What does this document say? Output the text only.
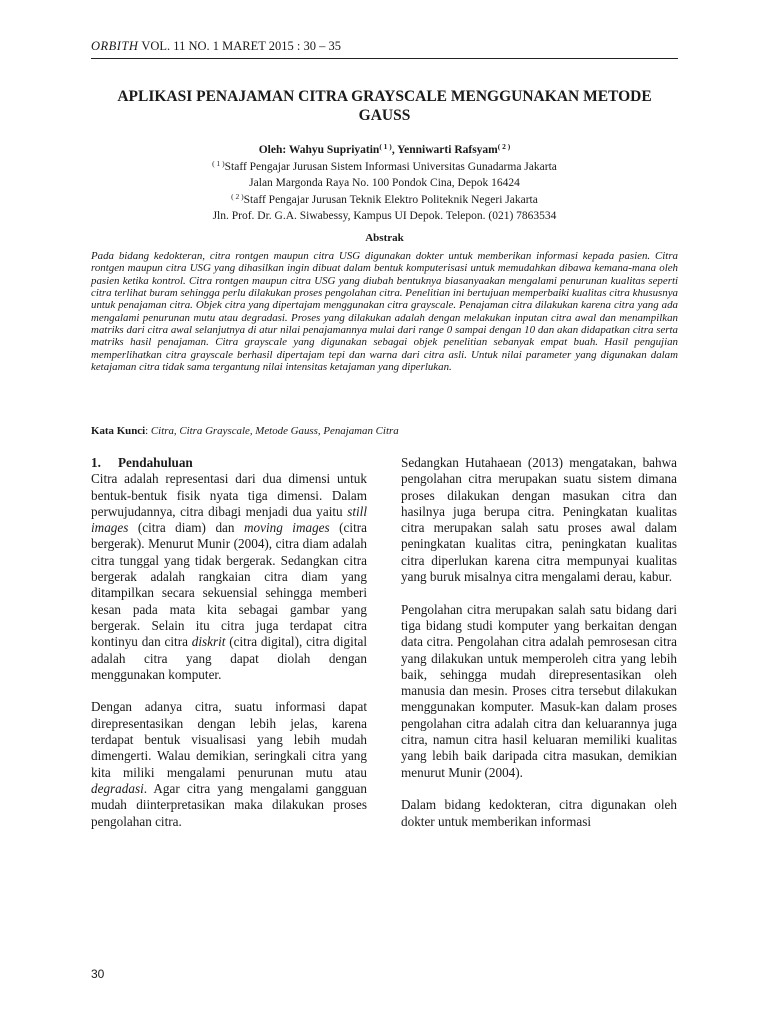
ORBITH VOL. 11 NO. 1 MARET 2015 : 30 – 35
APLIKASI PENAJAMAN CITRA GRAYSCALE MENGGUNAKAN METODE GAUSS
Oleh: Wahyu Supriyatin$^{( 1 )}$, Yenniwarti Rafsyam$^{( 2 )}$
$^{( 1 )}$Staff Pengajar Jurusan Sistem Informasi Universitas Gunadarma Jakarta
Jalan Margonda Raya No. 100 Pondok Cina, Depok 16424
$^{( 2 )}$Staff Pengajar Jurusan Teknik Elektro Politeknik Negeri Jakarta
Jln. Prof. Dr. G.A. Siwabessy, Kampus UI Depok. Telepon. (021) 7863534
Abstrak

Pada bidang kedokteran, citra rontgen maupun citra USG digunakan dokter untuk memberikan informasi kepada pasien. Citra rontgen maupun citra USG yang dihasilkan ingin dibuat dalam bentuk komputerisasi untuk memudahkan dibawa kemana-mana oleh pasien ketika kontrol. Citra rontgen maupun citra USG yang diubah bentuknya biasanyaakan mengalami penurunan kualitas seperti citra terlihat buram sehingga perlu dilakukan proses pengolahan citra. Penelitian ini bertujuan memperbaiki kualitas citra khususnya untuk penajaman citra. Objek citra yang dipertajam menggunakan citra grayscale. Penajaman citra dilakukan karena citra yang ada mengalami penurunan mutu atau degradasi. Proses yang dilakukan adalah dengan melakukan inputan citra awal dan menampilkan matriks dari citra awal selanjutnya di atur nilai penajamannya mulai dari range 0 sampai dengan 10 dan akan didapatkan citra serta matriks hasil penajaman. Citra grayscale yang digunakan sebagai objek penelitian sebanyak empat buah. Hasil pengujian memperlihatkan citra grayscale berhasil dipertajam tepi dan warna dari citra asli. Untuk nilai parameter yang digunakan dalam ketajaman citra tidak sama tergantung nilai intensitas ketajaman yang diperlukan.

Kata Kunci: Citra, Citra Grayscale, Metode Gauss, Penajaman Citra
1. Pendahuluan

Citra adalah representasi dari dua dimensi untuk bentuk-bentuk fisik nyata tiga dimensi. Dalam perwujudannya, citra dibagi menjadi dua yaitu still images (citra diam) dan moving images (citra bergerak). Menurut Munir (2004), citra diam adalah citra tunggal yang tidak bergerak. Sedangkan citra bergerak adalah rangkaian citra diam yang ditampilkan secara sekuensial sehingga memberi kesan pada mata kita sebagai gambar yang bergerak. Selain itu citra juga terdapat citra kontinyu dan citra diskrit (citra digital), citra digital adalah citra yang dapat diolah dengan menggunakan komputer.

Dengan adanya citra, suatu informasi dapat direpresentasikan dengan lebih jelas, karena terdapat bentuk visualisasi yang lebih mudah dimengerti. Walau demikian, seringkali citra yang kita miliki mengalami penurunan mutu atau degradasi. Agar citra yang mengalami gangguan mudah diinterpretasikan maka dilakukan proses pengolahan citra.

Sedangkan Hutahaean (2013) mengatakan, bahwa pengolahan citra merupakan suatu sistem dimana proses dilakukan dengan masukan citra dan hasilnya juga berupa citra. Peningkatan kualitas citra merupakan salah satu proses awal dalam peningkatan kualitas citra, peningkatan kualitas citra diperlukan karena citra mempunyai kualitas yang buruk misalnya citra mengalami derau, kabur.

Pengolahan citra merupakan salah satu bidang dari tiga bidang studi komputer yang berkaitan dengan data citra. Pengolahan citra adalah pemrosesan citra yang dilakukan untuk memperoleh citra yang lebih baik, sehingga mudah direpresentasikan oleh manusia dan mesin. Proses citra tersebut dilakukan menggunakan komputer. Masuk-kan dalam proses pengolahan citra adalah citra dan keluarannya juga citra, namun citra hasil keluaran memiliki kualitas yang lebih baik daripada citra masukan, demikian menurut Munir (2004).

Dalam bidang kedokteran, citra digunakan oleh dokter untuk memberikan informasi

30
